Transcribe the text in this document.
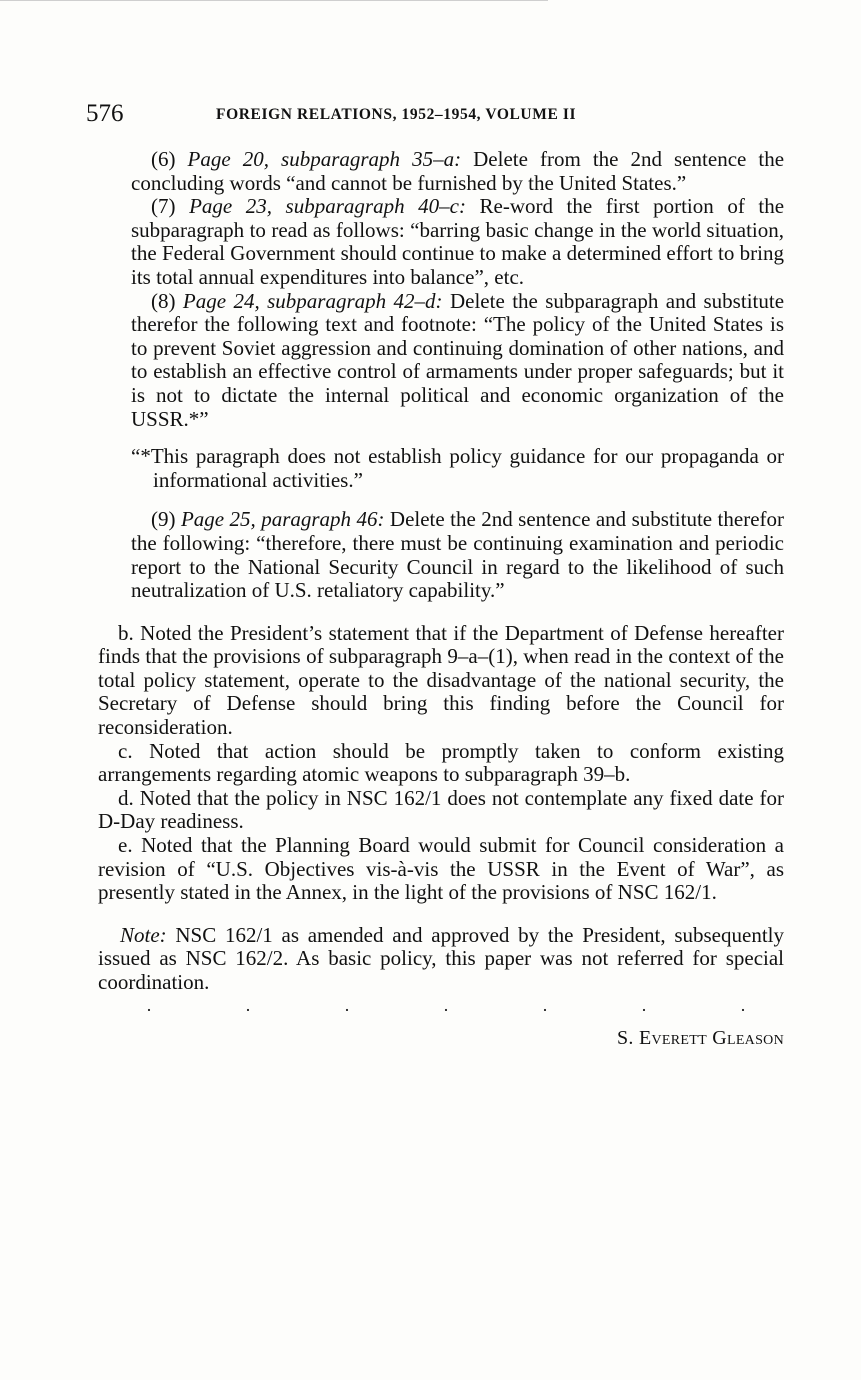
576	FOREIGN RELATIONS, 1952–1954, VOLUME II

(6) Page 20, subparagraph 35–a: Delete from the 2nd sentence the concluding words “and cannot be furnished by the United States.”

(7) Page 23, subparagraph 40–c: Re-word the first portion of the subparagraph to read as follows: “barring basic change in the world situation, the Federal Government should continue to make a determined effort to bring its total annual expenditures into balance”, etc.

(8) Page 24, subparagraph 42–d: Delete the subparagraph and substitute therefor the following text and footnote: “The policy of the United States is to prevent Soviet aggression and continuing domination of other nations, and to establish an effective control of armaments under proper safeguards; but it is not to dictate the internal political and economic organization of the USSR.*”

“*This paragraph does not establish policy guidance for our propaganda or informational activities.”

(9) Page 25, paragraph 46: Delete the 2nd sentence and substitute therefor the following: “therefore, there must be continuing examination and periodic report to the National Security Council in regard to the likelihood of such neutralization of U.S. retaliatory capability.”

b. Noted the President’s statement that if the Department of Defense hereafter finds that the provisions of subparagraph 9–a–(1), when read in the context of the total policy statement, operate to the disadvantage of the national security, the Secretary of Defense should bring this finding before the Council for reconsideration.

c. Noted that action should be promptly taken to conform existing arrangements regarding atomic weapons to subparagraph 39–b.

d. Noted that the policy in NSC 162/1 does not contemplate any fixed date for D-Day readiness.

e. Noted that the Planning Board would submit for Council consideration a revision of “U.S. Objectives vis-à-vis the USSR in the Event of War”, as presently stated in the Annex, in the light of the provisions of NSC 162/1.

Note: NSC 162/1 as amended and approved by the President, subsequently issued as NSC 162/2. As basic policy, this paper was not referred for special coordination.

·	·	·	·	·	·	·
S. Everett Gleason
